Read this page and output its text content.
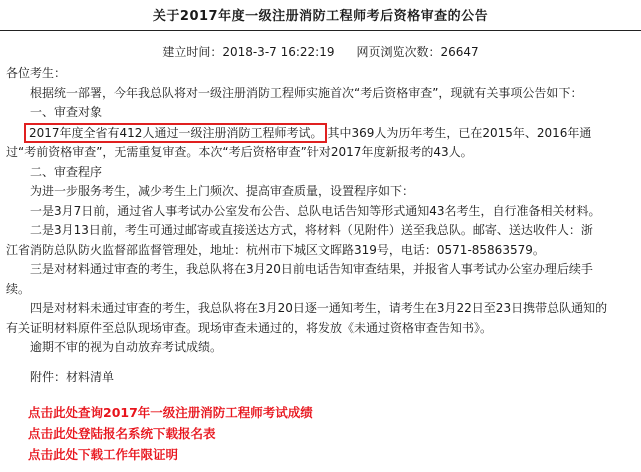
关于2017年度一级注册消防工程师考后资格审查的公告
建立时间：2018-3-7 16:22:19 网页浏览次数：26647
各位考生：
根据统一部署，今年我总队将对一级注册消防工程师实施首次“考后资格审查”，现就有关事项公告如下：
一、审查对象
2017年度全省有412人通过一级注册消防工程师考试。 其中369人为历年考生，已在2015年、2016年通
过“考前资格审查”，无需重复审查。本次“考后资格审查”针对2017年度新报考的43人。
二、审查程序
为进一步服务考生，减少考生上门频次、提高审查质量，设置程序如下：
一是3月7日前，通过省人事考试办公室发布公告、总队电话告知等形式通知43名考生，自行准备相关材料。
二是3月13日前，考生可通过邮寄或直接送达方式，将材料（见附件）送至我总队。邮寄、送达收件人：浙
江省消防总队防火监督部监督管理处，地址：杭州市下城区文晖路319号，电话：0571-85863579。
三是对材料通过审查的考生，我总队将在3月20日前电话告知审查结果，并报省人事考试办公室办理后续手
续。
四是对材料未通过审查的考生，我总队将在3月20日逐一通知考生，请考生在3月22日至23日携带总队通知的
有关证明材料原件至总队现场审查。现场审查未通过的，将发放《未通过资格审查告知书》。
逾期不审的视为自动放弃考试成绩。
附件：材料清单
点击此处查询2017年一级注册消防工程师考试成绩
点击此处登陆报名系统下载报名表
点击此处下载工作年限证明
